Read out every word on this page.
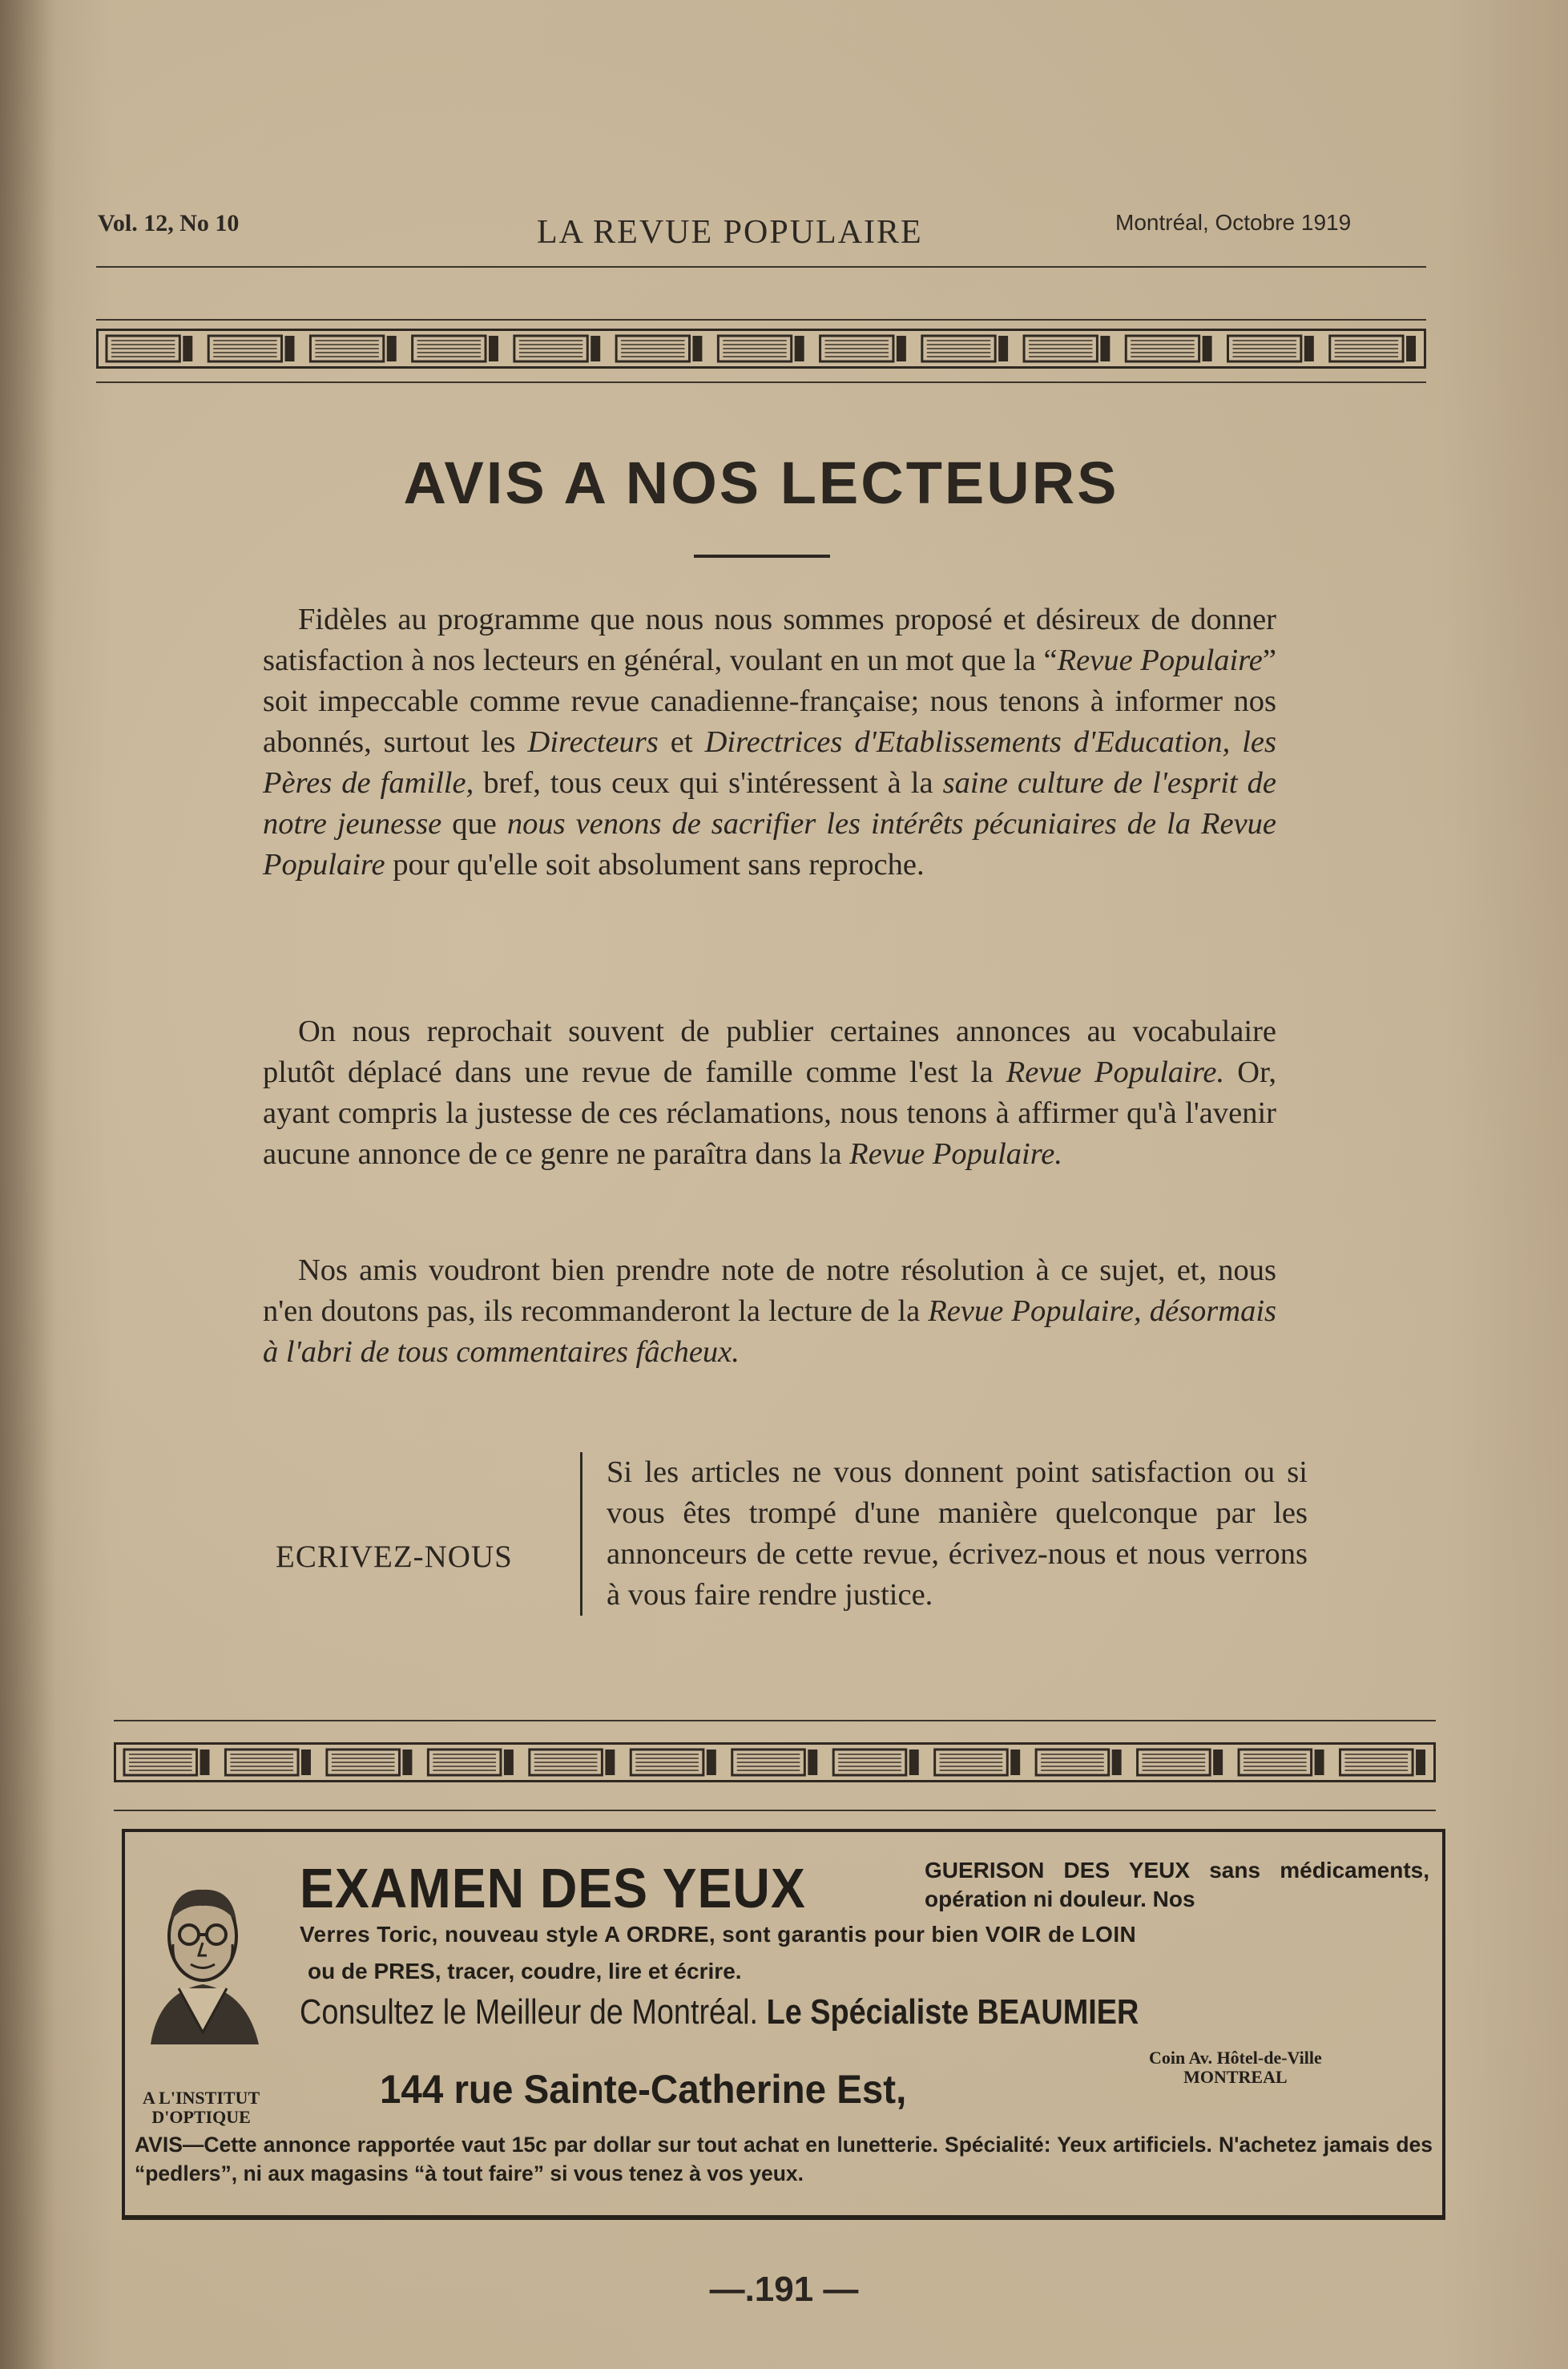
Vol. 12, No 10	LA REVUE POPULAIRE	Montréal, Octobre 1919
AVIS A NOS LECTEURS

Fidèles au programme que nous nous sommes proposé et désireux de donner satisfaction à nos lecteurs en général, voulant en un mot que la “Revue Populaire” soit impeccable comme revue canadienne-française; nous tenons à informer nos abonnés, surtout les Directeurs et Directrices d'Etablissements d'Education, les Pères de famille, bref, tous ceux qui s'intéressent à la saine culture de l'esprit de notre jeunesse que nous venons de sacrifier les intérêts pécuniaires de la Revue Populaire pour qu'elle soit absolument sans reproche.

On nous reprochait souvent de publier certaines annonces au vocabulaire plutôt déplacé dans une revue de famille comme l'est la Revue Populaire. Or, ayant compris la justesse de ces réclamations, nous tenons à affirmer qu'à l'avenir aucune annonce de ce genre ne paraîtra dans la Revue Populaire.

Nos amis voudront bien prendre note de notre résolution à ce sujet, et, nous n'en doutons pas, ils recommanderont la lecture de la Revue Populaire, désormais à l'abri de tous commentaires fâcheux.

ECRIVEZ-NOUS
Si les articles ne vous donnent point satisfaction ou si vous êtes trompé d'une manière quelconque par les annonceurs de cette revue, écrivez-nous et nous verrons à vous faire rendre justice.
EXAMEN DES YEUX	GUERISON DES YEUX sans médicaments, opération ni douleur. Nos
Verres Toric, nouveau style A ORDRE, sont garantis pour bien VOIR de LOIN
ou de PRES, tracer, coudre, lire et écrire.
Consultez le Meilleur de Montréal. Le Spécialiste BEAUMIER
A L'INSTITUT
D'OPTIQUE
144 rue Sainte-Catherine Est,
Coin Av. Hôtel-de-Ville
MONTREAL
AVIS—Cette annonce rapportée vaut 15c par dollar sur tout achat en lunetterie. Spécialité: Yeux artificiels. N'achetez jamais des “pedlers”, ni aux magasins “à tout faire” si vous tenez à vos yeux.
—.191 —
